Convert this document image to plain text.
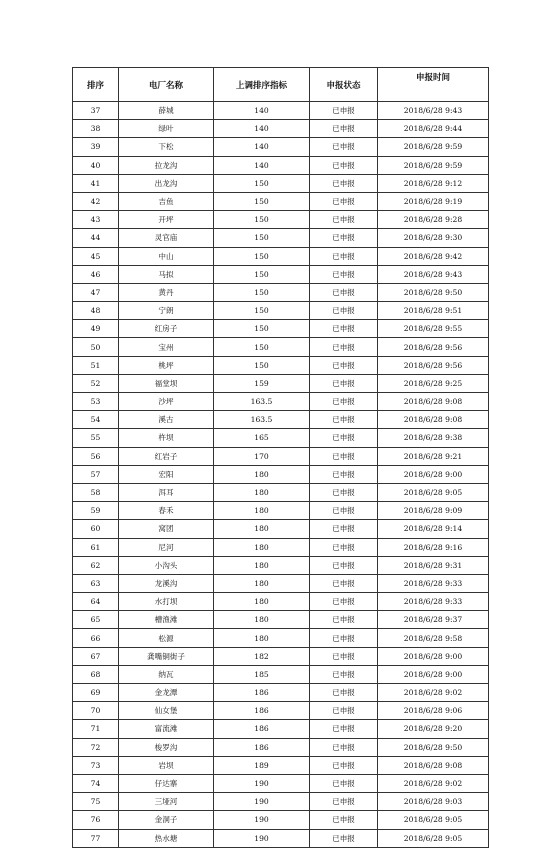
排序	电厂名称	上调排序指标	申报状态	申报时间
37	薛城	140	已申报	2018/6/28 9:43
38	绿叶	140	已申报	2018/6/28 9:44
39	下松	140	已申报	2018/6/28 9:59
40	拉龙沟	140	已申报	2018/6/28 9:59
41	出龙沟	150	已申报	2018/6/28 9:12
42	吉鱼	150	已申报	2018/6/28 9:19
43	开坪	150	已申报	2018/6/28 9:28
44	灵官庙	150	已申报	2018/6/28 9:30
45	中山	150	已申报	2018/6/28 9:42
46	马拟	150	已申报	2018/6/28 9:43
47	黄丹	150	已申报	2018/6/28 9:50
48	宁朗	150	已申报	2018/6/28 9:51
49	红房子	150	已申报	2018/6/28 9:55
50	宝州	150	已申报	2018/6/28 9:56
51	桃坪	150	已申报	2018/6/28 9:56
52	福堂坝	159	已申报	2018/6/28 9:25
53	沙坪	163.5	已申报	2018/6/28 9:08
54	溪古	163.5	已申报	2018/6/28 9:08
55	杵坝	165	已申报	2018/6/28 9:38
56	红岩子	170	已申报	2018/6/28 9:21
57	宏阳	180	已申报	2018/6/28 9:00
58	洱耳	180	已申报	2018/6/28 9:05
59	春禾	180	已申报	2018/6/28 9:09
60	窝团	180	已申报	2018/6/28 9:14
61	尼河	180	已申报	2018/6/28 9:16
62	小沟头	180	已申报	2018/6/28 9:31
63	龙溪沟	180	已申报	2018/6/28 9:33
64	水打坝	180	已申报	2018/6/28 9:33
65	槽渔滩	180	已申报	2018/6/28 9:37
66	松源	180	已申报	2018/6/28 9:58
67	龚嘴铜街子	182	已申报	2018/6/28 9:00
68	纳瓦	185	已申报	2018/6/28 9:00
69	金龙潭	186	已申报	2018/6/28 9:02
70	仙女堡	186	已申报	2018/6/28 9:06
71	富流滩	186	已申报	2018/6/28 9:20
72	梭罗沟	186	已申报	2018/6/28 9:50
73	岩坝	189	已申报	2018/6/28 9:08
74	仔达寨	190	已申报	2018/6/28 9:02
75	三垭河	190	已申报	2018/6/28 9:03
76	金洞子	190	已申报	2018/6/28 9:05
77	热水塘	190	已申报	2018/6/28 9:05
